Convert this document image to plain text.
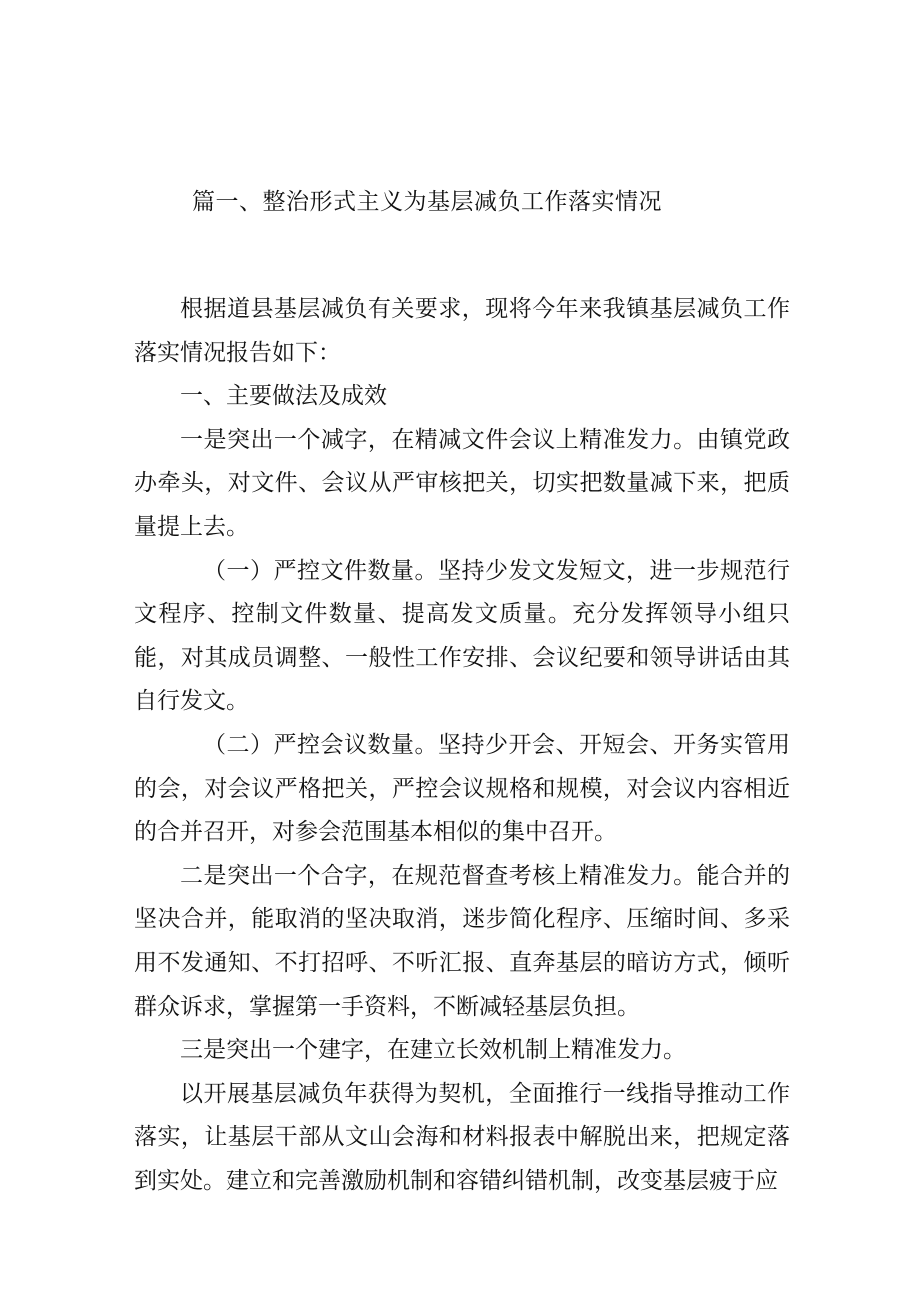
篇一、整治形式主义为基层减负工作落实情况

根据道县基层减负有关要求，现将今年来我镇基层减负工作落实情况报告如下：

一、主要做法及成效

一是突出一个减字，在精减文件会议上精准发力。由镇党政办牵头，对文件、会议从严审核把关，切实把数量减下来，把质量提上去。

（一）严控文件数量。坚持少发文发短文，进一步规范行文程序、控制文件数量、提高发文质量。充分发挥领导小组只能，对其成员调整、一般性工作安排、会议纪要和领导讲话由其自行发文。

（二）严控会议数量。坚持少开会、开短会、开务实管用的会，对会议严格把关，严控会议规格和规模，对会议内容相近的合并召开，对参会范围基本相似的集中召开。

二是突出一个合字，在规范督查考核上精准发力。能合并的坚决合并，能取消的坚决取消，迷步简化程序、压缩时间、多采用不发通知、不打招呼、不听汇报、直奔基层的暗访方式，倾听群众诉求，掌握第一手资料，不断减轻基层负担。

三是突出一个建字，在建立长效机制上精准发力。

以开展基层减负年获得为契机，全面推行一线指导推动工作落实，让基层干部从文山会海和材料报表中解脱出来，把规定落到实处。建立和完善激励机制和容错纠错机制，改变基层疲于应
